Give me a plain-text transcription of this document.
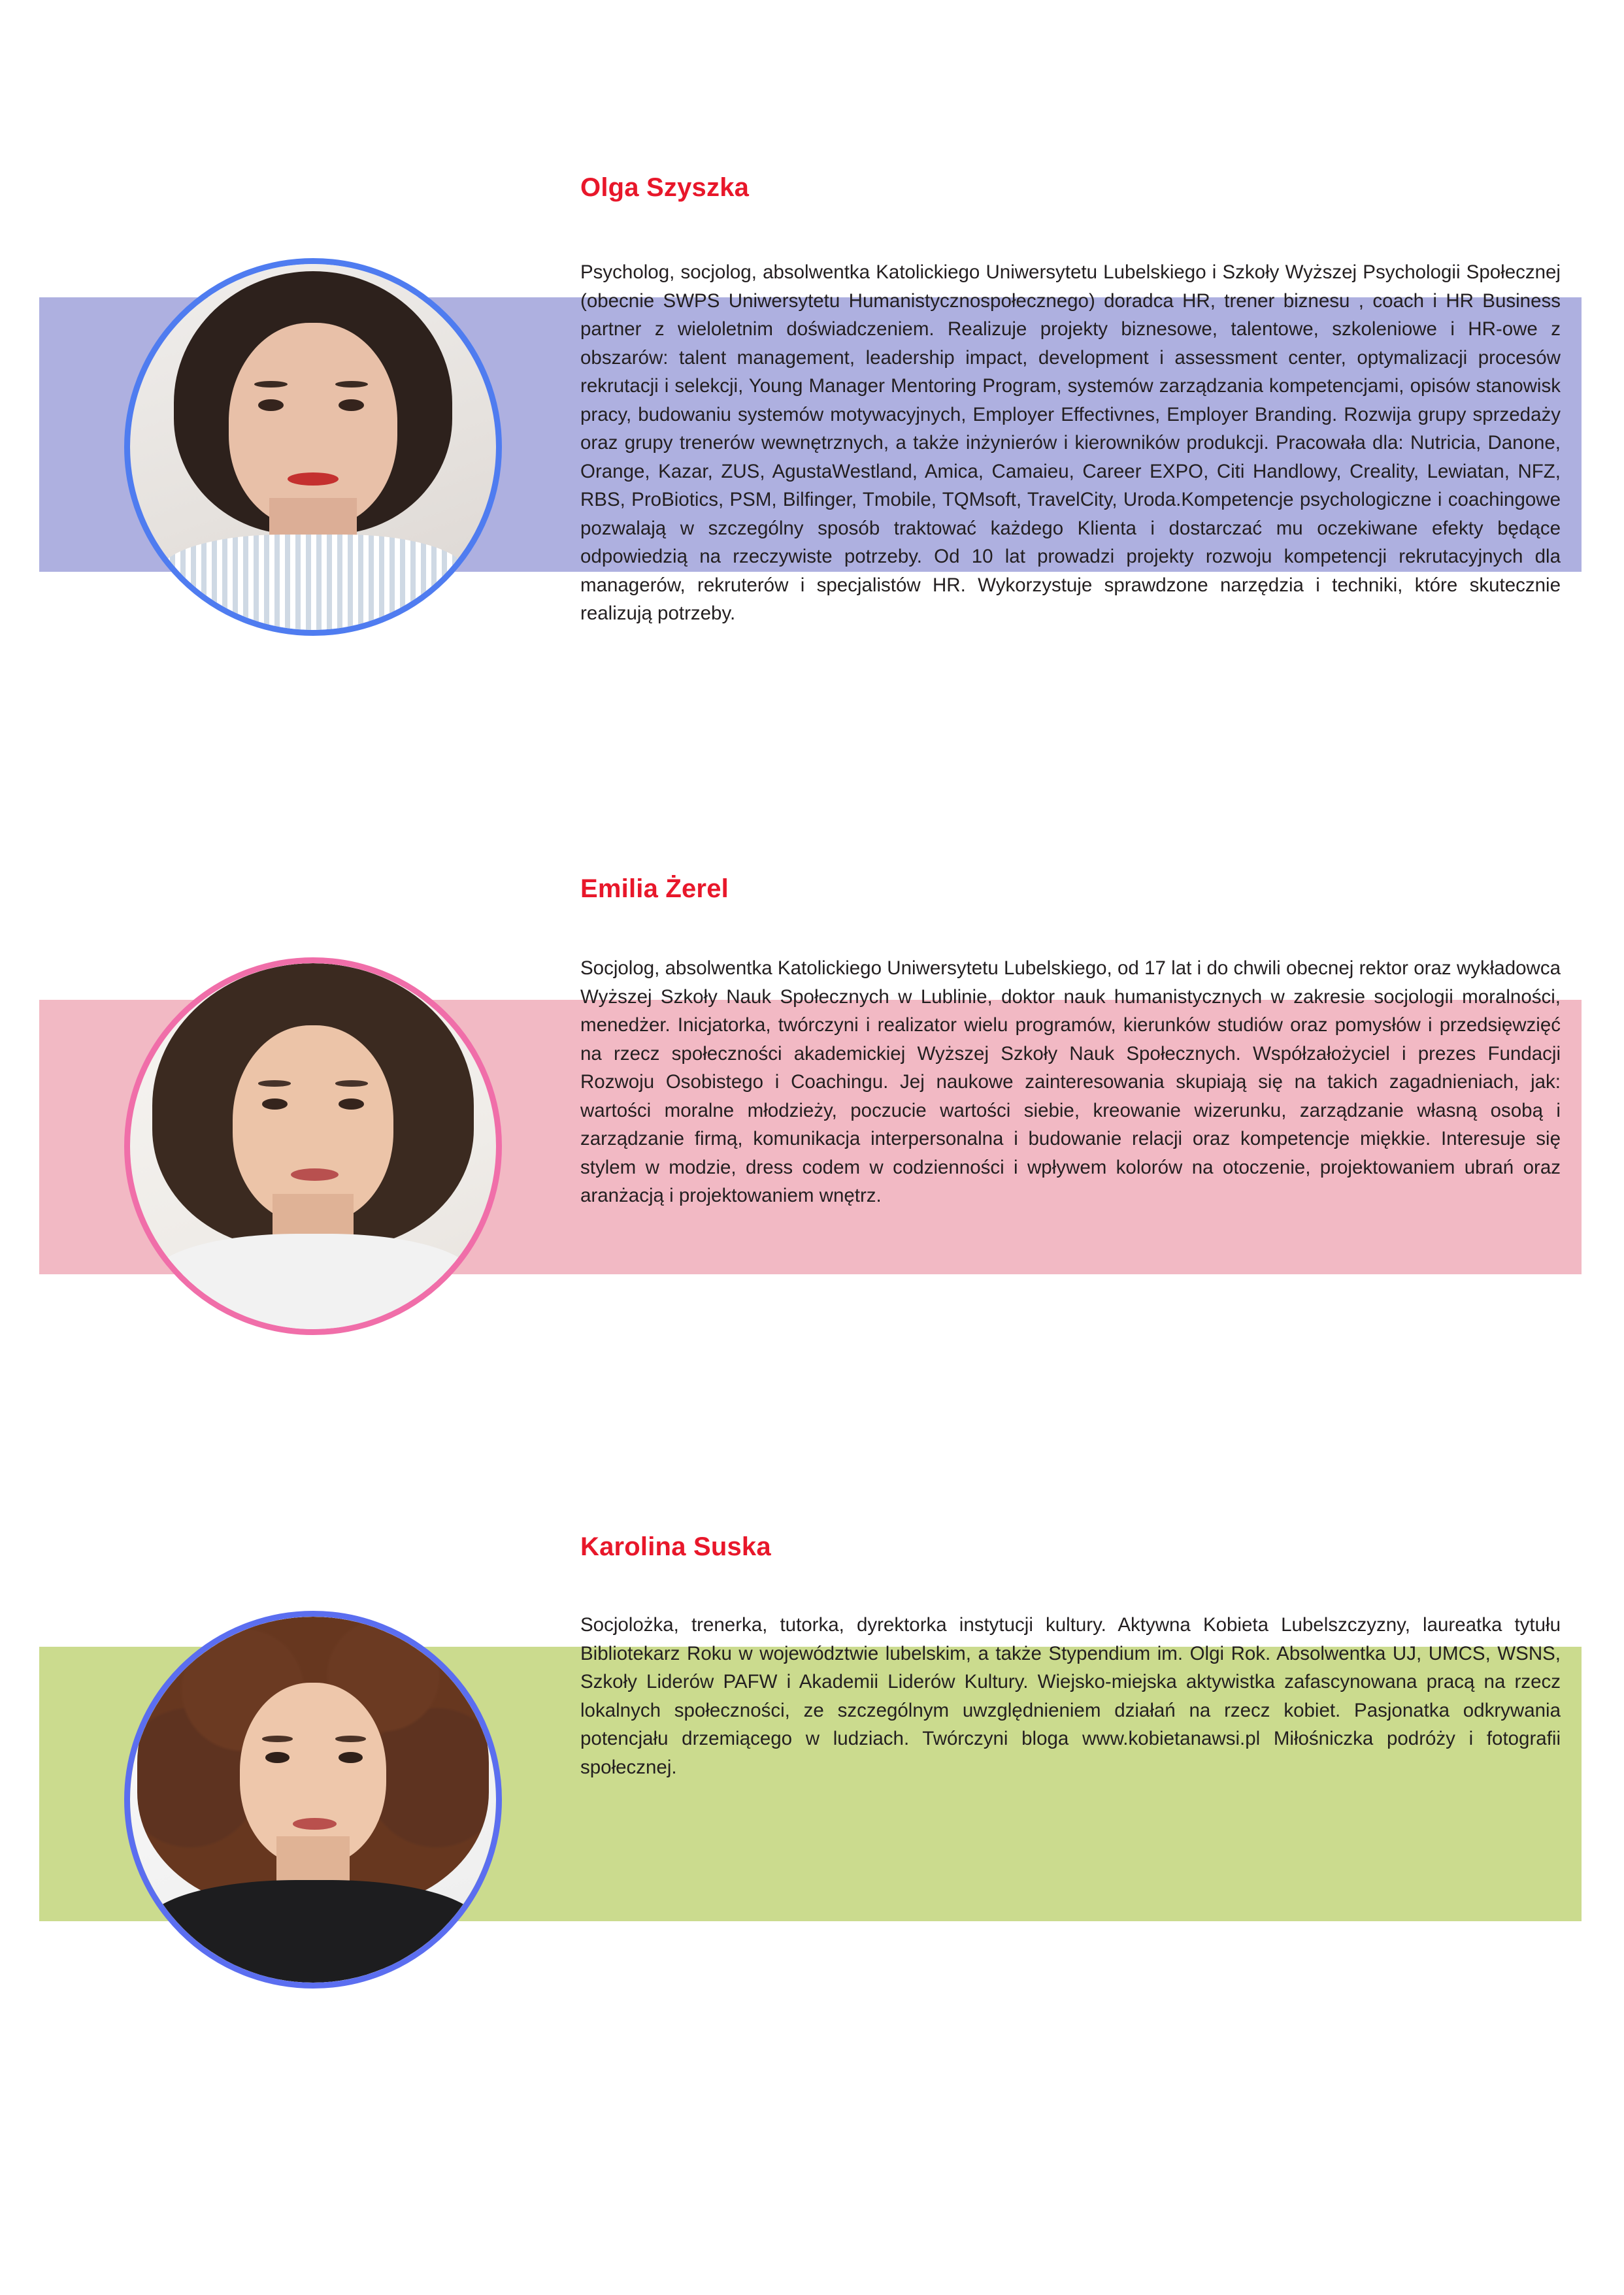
Olga Szyszka
Psycholog, socjolog, absolwentka Katolickiego Uniwersytetu Lubelskiego i Szkoły Wyższej Psychologii Społecznej (obecnie SWPS Uniwersytetu Humanistycznospołecznego) doradca HR, trener biznesu , coach i HR Business partner z wieloletnim doświadczeniem. Realizuje projekty biznesowe, talentowe, szkoleniowe i HR-owe z obszarów: talent management, leadership impact, development i assessment center, optymalizacji procesów rekrutacji i selekcji, Young Manager Mentoring Program, systemów zarządzania kompetencjami, opisów stanowisk pracy, budowaniu systemów motywacyjnych, Employer Effectivnes, Employer Branding. Rozwija grupy sprzedaży oraz grupy trenerów wewnętrznych, a także inżynierów i kierowników produkcji. Pracowała dla: Nutricia, Danone, Orange, Kazar, ZUS, AgustaWestland, Amica, Camaieu, Career EXPO, Citi Handlowy, Creality, Lewiatan, NFZ, RBS, ProBiotics, PSM, Bilfinger, Tmobile, TQMsoft, TravelCity, Uroda.Kompetencje psychologiczne i coachingowe pozwalają w szczególny sposób traktować każdego Klienta i dostarczać mu oczekiwane efekty będące odpowiedzią na rzeczywiste potrzeby. Od 10 lat prowadzi projekty rozwoju kompetencji rekrutacyjnych dla managerów, rekruterów i specjalistów HR. Wykorzystuje sprawdzone narzędzia i techniki, które skutecznie realizują potrzeby.
Emilia Żerel
Socjolog, absolwentka Katolickiego Uniwersytetu Lubelskiego, od 17 lat i do chwili obecnej rektor oraz wykładowca Wyższej Szkoły Nauk Społecznych w Lublinie, doktor nauk humanistycznych w zakresie socjologii moralności, menedżer. Inicjatorka, twórczyni i realizator wielu programów, kierunków studiów oraz pomysłów i przedsięwzięć na rzecz społeczności akademickiej Wyższej Szkoły Nauk Społecznych. Współzałożyciel i prezes Fundacji Rozwoju Osobistego i Coachingu. Jej naukowe zainteresowania skupiają się na takich zagadnieniach, jak: wartości moralne młodzieży, poczucie wartości siebie, kreowanie wizerunku, zarządzanie własną osobą i zarządzanie firmą, komunikacja interpersonalna i budowanie relacji oraz kompetencje miękkie. Interesuje się stylem w modzie, dress codem w codzienności i wpływem kolorów na otoczenie, projektowaniem ubrań oraz aranżacją i projektowaniem wnętrz.
Karolina Suska
Socjolożka, trenerka, tutorka, dyrektorka instytucji kultury. Aktywna Kobieta Lubelszczyzny, laureatka tytułu Bibliotekarz Roku w województwie lubelskim, a także Stypendium im. Olgi Rok. Absolwentka UJ, UMCS, WSNS, Szkoły Liderów PAFW i Akademii Liderów Kultury. Wiejsko-miejska aktywistka zafascynowana pracą na rzecz lokalnych społeczności, ze szczególnym uwzględnieniem działań na rzecz kobiet. Pasjonatka odkrywania potencjału drzemiącego w ludziach. Twórczyni bloga www.kobietanawsi.pl Miłośniczka podróży i fotografii społecznej.
